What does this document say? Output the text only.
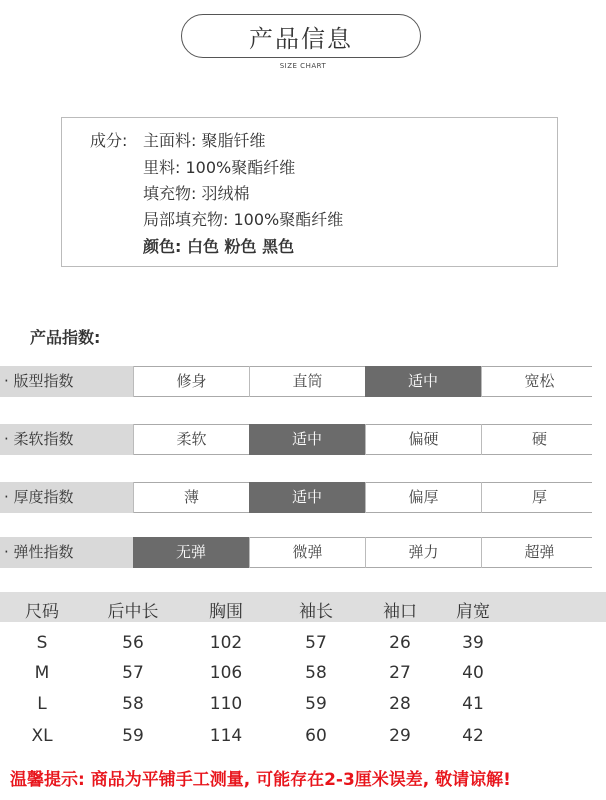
产品信息
SIZE CHART
成分: 主面料: 聚脂钎维
里料: 100%聚酯纤维
填充物: 羽绒棉
局部填充物: 100%聚酯纤维
颜色: 白色 粉色 黑色
产品指数:
· 版型指数	修身	直筒	适中	宽松
· 柔软指数	柔软	适中	偏硬	硬
· 厚度指数	薄	适中	偏厚	厚
· 弹性指数	无弹	微弹	弹力	超弹
尺码	后中长	胸围	袖长	袖口	肩宽
S	56	102	57	26	39
M	57	106	58	27	40
L	58	110	59	28	41
XL	59	114	60	29	42
温馨提示: 商品为平铺手工测量, 可能存在2-3厘米误差, 敬请谅解!
